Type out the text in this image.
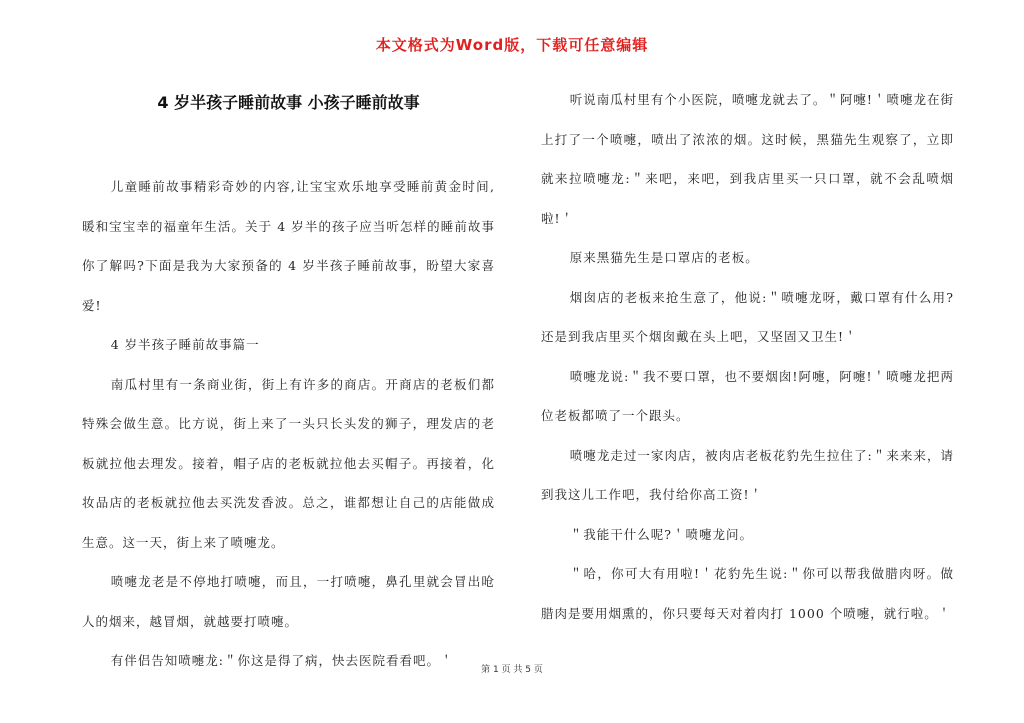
本文格式为Word版，下载可任意编辑
4 岁半孩子睡前故事 小孩子睡前故事

儿童睡前故事精彩奇妙的内容,让宝宝欢乐地享受睡前黄金时间,暖和宝宝幸的福童年生活。关于 4 岁半的孩子应当听怎样的睡前故事你了解吗?下面是我为大家预备的 4 岁半孩子睡前故事，盼望大家喜爱!

4 岁半孩子睡前故事篇一

南瓜村里有一条商业街，街上有许多的商店。开商店的老板们都特殊会做生意。比方说，街上来了一头只长头发的狮子，理发店的老板就拉他去理发。接着，帽子店的老板就拉他去买帽子。再接着，化妆品店的老板就拉他去买洗发香波。总之，谁都想让自己的店能做成生意。这一天，街上来了喷嚏龙。

喷嚏龙老是不停地打喷嚏，而且，一打喷嚏，鼻孔里就会冒出呛人的烟来，越冒烟，就越要打喷嚏。

有伴侣告知喷嚏龙:＂你这是得了病，快去医院看看吧。＇

听说南瓜村里有个小医院，喷嚏龙就去了。＂阿嚏!＇喷嚏龙在街上打了一个喷嚏，喷出了浓浓的烟。这时候，黑猫先生观察了，立即就来拉喷嚏龙:＂来吧，来吧，到我店里买一只口罩，就不会乱喷烟啦!＇

原来黑猫先生是口罩店的老板。

烟囱店的老板来抢生意了，他说:＂喷嚏龙呀，戴口罩有什么用?还是到我店里买个烟囱戴在头上吧，又坚固又卫生!＇

喷嚏龙说:＂我不要口罩，也不要烟囱!阿嚏，阿嚏!＇喷嚏龙把两位老板都喷了一个跟头。

喷嚏龙走过一家肉店，被肉店老板花豹先生拉住了:＂来来来，请到我这儿工作吧，我付给你高工资!＇

＂我能干什么呢?＇喷嚏龙问。

＂哈，你可大有用啦!＇花豹先生说:＂你可以帮我做腊肉呀。做腊肉是要用烟熏的，你只要每天对着肉打 1000 个喷嚏，就行啦。＇

第 1 页 共 5 页
